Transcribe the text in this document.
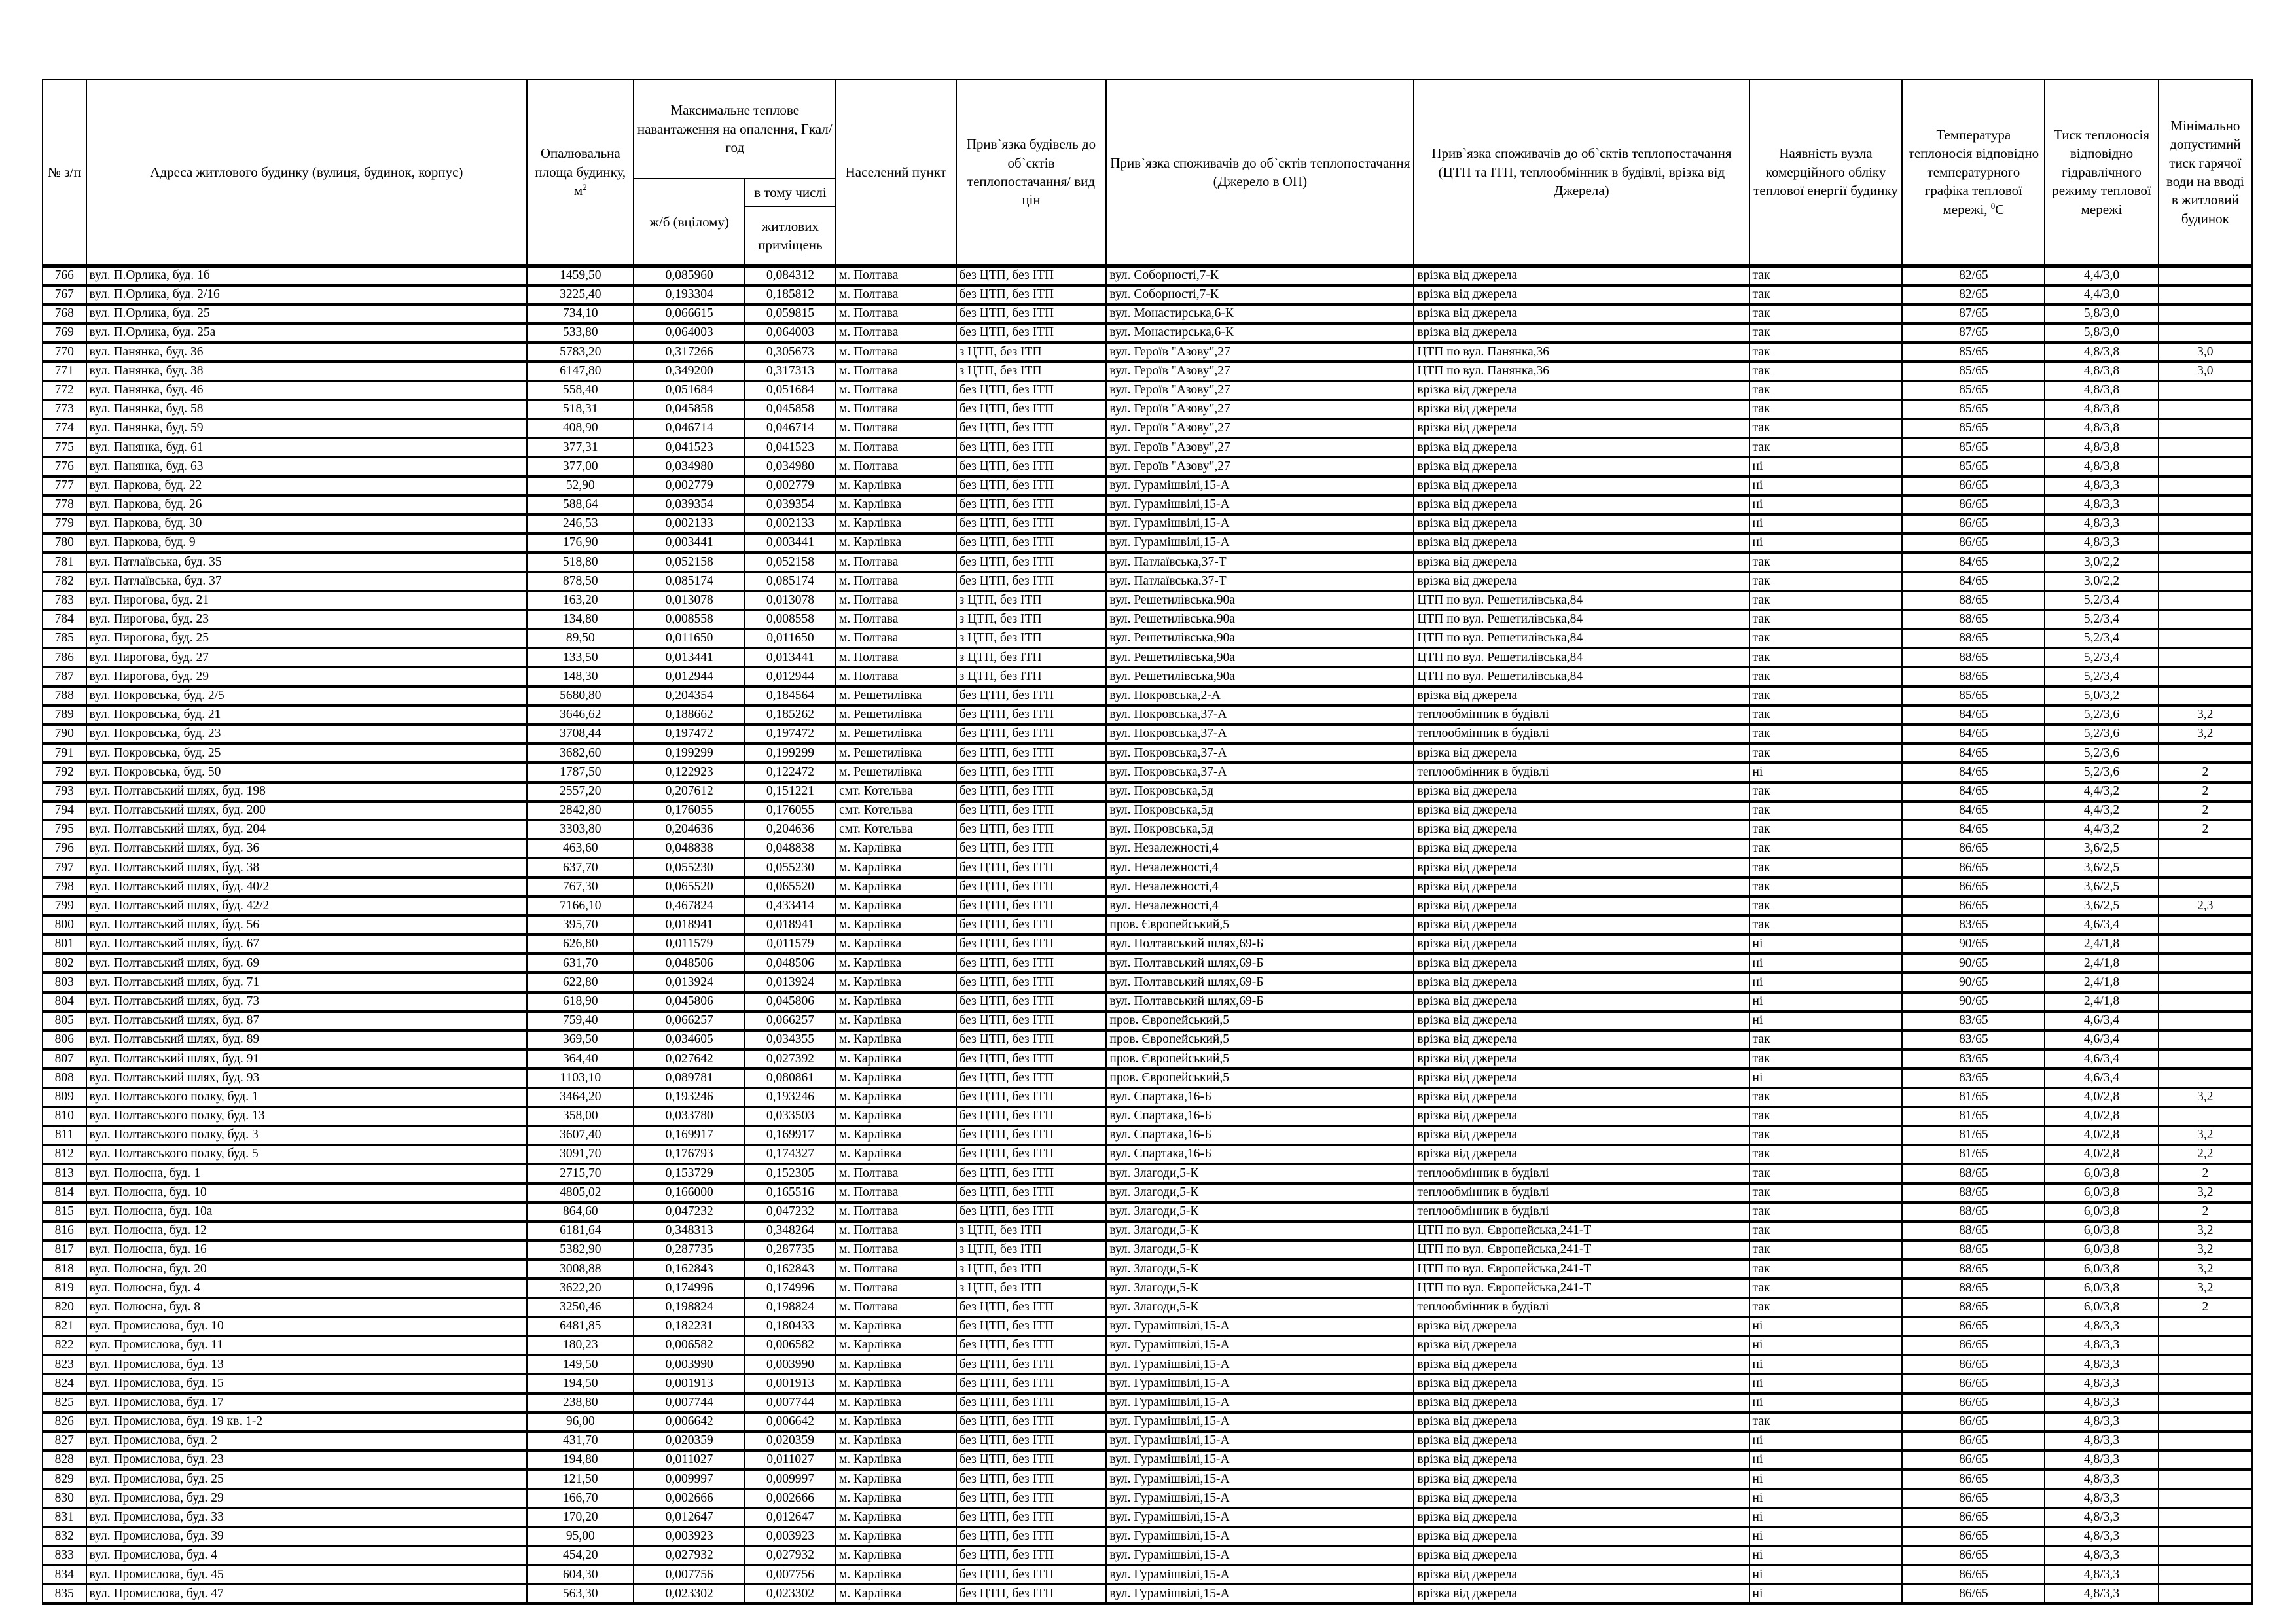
№ з/п	Адреса житлового будинку (вулиця, будинок, корпус)	Опалювальна площа будинку, $м^2$	Максимальне теплове навантаження на опалення, Гкал/год		Населений пункт	Прив`язка будівель до об`єктів теплопостачання/ вид цін	Прив`язка споживачів до об`єктів теплопостачання (Джерело в ОП)	Прив`язка споживачів до об`єктів теплопостачання (ЦТП та ІТП, теплообмінник в будівлі, врізка від Джерела)	Наявність вузла комерційного обліку теплової енергії будинку	Температура теплоносія відповідно температурного графіка теплової мережі, $^0$С	Тиск теплоносія відповідно гідравлічного режиму теплової мережі	Мінімально допустимий тиск гарячої води на вводі в житловий будинок
			ж/б (вцілому)	в тому числі								
				житлових приміщень								
766	вул. П.Орлика, буд. 1б	1459,50	0,085960	0,084312	м. Полтава	без ЦТП, без ІТП	вул. Соборності,7-К	врізка від джерела	так	82/65	4,4/3,0	
767	вул. П.Орлика, буд. 2/16	3225,40	0,193304	0,185812	м. Полтава	без ЦТП, без ІТП	вул. Соборності,7-К	врізка від джерела	так	82/65	4,4/3,0	
768	вул. П.Орлика, буд. 25	734,10	0,066615	0,059815	м. Полтава	без ЦТП, без ІТП	вул. Монастирська,6-К	врізка від джерела	так	87/65	5,8/3,0	
769	вул. П.Орлика, буд. 25а	533,80	0,064003	0,064003	м. Полтава	без ЦТП, без ІТП	вул. Монастирська,6-К	врізка від джерела	так	87/65	5,8/3,0	
770	вул. Панянка, буд. 36	5783,20	0,317266	0,305673	м. Полтава	з ЦТП, без ІТП	вул. Героїв "Азову",27	ЦТП по вул. Панянка,36	так	85/65	4,8/3,8	3,0
771	вул. Панянка, буд. 38	6147,80	0,349200	0,317313	м. Полтава	з ЦТП, без ІТП	вул. Героїв "Азову",27	ЦТП по вул. Панянка,36	так	85/65	4,8/3,8	3,0
772	вул. Панянка, буд. 46	558,40	0,051684	0,051684	м. Полтава	без ЦТП, без ІТП	вул. Героїв "Азову",27	врізка від джерела	так	85/65	4,8/3,8	
773	вул. Панянка, буд. 58	518,31	0,045858	0,045858	м. Полтава	без ЦТП, без ІТП	вул. Героїв "Азову",27	врізка від джерела	так	85/65	4,8/3,8	
774	вул. Панянка, буд. 59	408,90	0,046714	0,046714	м. Полтава	без ЦТП, без ІТП	вул. Героїв "Азову",27	врізка від джерела	так	85/65	4,8/3,8	
775	вул. Панянка, буд. 61	377,31	0,041523	0,041523	м. Полтава	без ЦТП, без ІТП	вул. Героїв "Азову",27	врізка від джерела	так	85/65	4,8/3,8	
776	вул. Панянка, буд. 63	377,00	0,034980	0,034980	м. Полтава	без ЦТП, без ІТП	вул. Героїв "Азову",27	врізка від джерела	ні	85/65	4,8/3,8	
777	вул. Паркова, буд. 22	52,90	0,002779	0,002779	м. Карлівка	без ЦТП, без ІТП	вул. Гурамішвілі,15-А	врізка від джерела	ні	86/65	4,8/3,3	
778	вул. Паркова, буд. 26	588,64	0,039354	0,039354	м. Карлівка	без ЦТП, без ІТП	вул. Гурамішвілі,15-А	врізка від джерела	ні	86/65	4,8/3,3	
779	вул. Паркова, буд. 30	246,53	0,002133	0,002133	м. Карлівка	без ЦТП, без ІТП	вул. Гурамішвілі,15-А	врізка від джерела	ні	86/65	4,8/3,3	
780	вул. Паркова, буд. 9	176,90	0,003441	0,003441	м. Карлівка	без ЦТП, без ІТП	вул. Гурамішвілі,15-А	врізка від джерела	ні	86/65	4,8/3,3	
781	вул. Патлаївська, буд. 35	518,80	0,052158	0,052158	м. Полтава	без ЦТП, без ІТП	вул. Патлаївська,37-Т	врізка від джерела	так	84/65	3,0/2,2	
782	вул. Патлаївська, буд. 37	878,50	0,085174	0,085174	м. Полтава	без ЦТП, без ІТП	вул. Патлаївська,37-Т	врізка від джерела	так	84/65	3,0/2,2	
783	вул. Пирогова, буд. 21	163,20	0,013078	0,013078	м. Полтава	з ЦТП, без ІТП	вул. Решетилівська,90а	ЦТП по вул. Решетилівська,84	так	88/65	5,2/3,4	
784	вул. Пирогова, буд. 23	134,80	0,008558	0,008558	м. Полтава	з ЦТП, без ІТП	вул. Решетилівська,90а	ЦТП по вул. Решетилівська,84	так	88/65	5,2/3,4	
785	вул. Пирогова, буд. 25	89,50	0,011650	0,011650	м. Полтава	з ЦТП, без ІТП	вул. Решетилівська,90а	ЦТП по вул. Решетилівська,84	так	88/65	5,2/3,4	
786	вул. Пирогова, буд. 27	133,50	0,013441	0,013441	м. Полтава	з ЦТП, без ІТП	вул. Решетилівська,90а	ЦТП по вул. Решетилівська,84	так	88/65	5,2/3,4	
787	вул. Пирогова, буд. 29	148,30	0,012944	0,012944	м. Полтава	з ЦТП, без ІТП	вул. Решетилівська,90а	ЦТП по вул. Решетилівська,84	так	88/65	5,2/3,4	
788	вул. Покровська, буд. 2/5	5680,80	0,204354	0,184564	м. Решетилівка	без ЦТП, без ІТП	вул. Покровська,2-А	врізка від джерела	так	85/65	5,0/3,2	
789	вул. Покровська, буд. 21	3646,62	0,188662	0,185262	м. Решетилівка	без ЦТП, без ІТП	вул. Покровська,37-А	теплообмінник в будівлі	так	84/65	5,2/3,6	3,2
790	вул. Покровська, буд. 23	3708,44	0,197472	0,197472	м. Решетилівка	без ЦТП, без ІТП	вул. Покровська,37-А	теплообмінник в будівлі	так	84/65	5,2/3,6	3,2
791	вул. Покровська, буд. 25	3682,60	0,199299	0,199299	м. Решетилівка	без ЦТП, без ІТП	вул. Покровська,37-А	врізка від джерела	так	84/65	5,2/3,6	
792	вул. Покровська, буд. 50	1787,50	0,122923	0,122472	м. Решетилівка	без ЦТП, без ІТП	вул. Покровська,37-А	теплообмінник в будівлі	ні	84/65	5,2/3,6	2
793	вул. Полтавський шлях, буд. 198	2557,20	0,207612	0,151221	смт. Котельва	без ЦТП, без ІТП	вул. Покровська,5д	врізка від джерела	так	84/65	4,4/3,2	2
794	вул. Полтавський шлях, буд. 200	2842,80	0,176055	0,176055	смт. Котельва	без ЦТП, без ІТП	вул. Покровська,5д	врізка від джерела	так	84/65	4,4/3,2	2
795	вул. Полтавський шлях, буд. 204	3303,80	0,204636	0,204636	смт. Котельва	без ЦТП, без ІТП	вул. Покровська,5д	врізка від джерела	так	84/65	4,4/3,2	2
796	вул. Полтавський шлях, буд. 36	463,60	0,048838	0,048838	м. Карлівка	без ЦТП, без ІТП	вул. Незалежності,4	врізка від джерела	так	86/65	3,6/2,5	
797	вул. Полтавський шлях, буд. 38	637,70	0,055230	0,055230	м. Карлівка	без ЦТП, без ІТП	вул. Незалежності,4	врізка від джерела	так	86/65	3,6/2,5	
798	вул. Полтавський шлях, буд. 40/2	767,30	0,065520	0,065520	м. Карлівка	без ЦТП, без ІТП	вул. Незалежності,4	врізка від джерела	так	86/65	3,6/2,5	
799	вул. Полтавський шлях, буд. 42/2	7166,10	0,467824	0,433414	м. Карлівка	без ЦТП, без ІТП	вул. Незалежності,4	врізка від джерела	так	86/65	3,6/2,5	2,3
800	вул. Полтавський шлях, буд. 56	395,70	0,018941	0,018941	м. Карлівка	без ЦТП, без ІТП	пров. Європейський,5	врізка від джерела	так	83/65	4,6/3,4	
801	вул. Полтавський шлях, буд. 67	626,80	0,011579	0,011579	м. Карлівка	без ЦТП, без ІТП	вул. Полтавський шлях,69-Б	врізка від джерела	ні	90/65	2,4/1,8	
802	вул. Полтавський шлях, буд. 69	631,70	0,048506	0,048506	м. Карлівка	без ЦТП, без ІТП	вул. Полтавський шлях,69-Б	врізка від джерела	ні	90/65	2,4/1,8	
803	вул. Полтавський шлях, буд. 71	622,80	0,013924	0,013924	м. Карлівка	без ЦТП, без ІТП	вул. Полтавський шлях,69-Б	врізка від джерела	ні	90/65	2,4/1,8	
804	вул. Полтавський шлях, буд. 73	618,90	0,045806	0,045806	м. Карлівка	без ЦТП, без ІТП	вул. Полтавський шлях,69-Б	врізка від джерела	ні	90/65	2,4/1,8	
805	вул. Полтавський шлях, буд. 87	759,40	0,066257	0,066257	м. Карлівка	без ЦТП, без ІТП	пров. Європейський,5	врізка від джерела	ні	83/65	4,6/3,4	
806	вул. Полтавський шлях, буд. 89	369,50	0,034605	0,034355	м. Карлівка	без ЦТП, без ІТП	пров. Європейський,5	врізка від джерела	так	83/65	4,6/3,4	
807	вул. Полтавський шлях, буд. 91	364,40	0,027642	0,027392	м. Карлівка	без ЦТП, без ІТП	пров. Європейський,5	врізка від джерела	так	83/65	4,6/3,4	
808	вул. Полтавський шлях, буд. 93	1103,10	0,089781	0,080861	м. Карлівка	без ЦТП, без ІТП	пров. Європейський,5	врізка від джерела	ні	83/65	4,6/3,4	
809	вул. Полтавського полку, буд. 1	3464,20	0,193246	0,193246	м. Карлівка	без ЦТП, без ІТП	вул. Спартака,16-Б	врізка від джерела	так	81/65	4,0/2,8	3,2
810	вул. Полтавського полку, буд. 13	358,00	0,033780	0,033503	м. Карлівка	без ЦТП, без ІТП	вул. Спартака,16-Б	врізка від джерела	так	81/65	4,0/2,8	
811	вул. Полтавського полку, буд. 3	3607,40	0,169917	0,169917	м. Карлівка	без ЦТП, без ІТП	вул. Спартака,16-Б	врізка від джерела	так	81/65	4,0/2,8	3,2
812	вул. Полтавського полку, буд. 5	3091,70	0,176793	0,174327	м. Карлівка	без ЦТП, без ІТП	вул. Спартака,16-Б	врізка від джерела	так	81/65	4,0/2,8	2,2
813	вул. Полюсна, буд. 1	2715,70	0,153729	0,152305	м. Полтава	без ЦТП, без ІТП	вул. Злагоди,5-К	теплообмінник в будівлі	так	88/65	6,0/3,8	2
814	вул. Полюсна, буд. 10	4805,02	0,166000	0,165516	м. Полтава	без ЦТП, без ІТП	вул. Злагоди,5-К	теплообмінник в будівлі	так	88/65	6,0/3,8	3,2
815	вул. Полюсна, буд. 10а	864,60	0,047232	0,047232	м. Полтава	без ЦТП, без ІТП	вул. Злагоди,5-К	теплообмінник в будівлі	так	88/65	6,0/3,8	2
816	вул. Полюсна, буд. 12	6181,64	0,348313	0,348264	м. Полтава	з ЦТП, без ІТП	вул. Злагоди,5-К	ЦТП по вул. Європейська,241-Т	так	88/65	6,0/3,8	3,2
817	вул. Полюсна, буд. 16	5382,90	0,287735	0,287735	м. Полтава	з ЦТП, без ІТП	вул. Злагоди,5-К	ЦТП по вул. Європейська,241-Т	так	88/65	6,0/3,8	3,2
818	вул. Полюсна, буд. 20	3008,88	0,162843	0,162843	м. Полтава	з ЦТП, без ІТП	вул. Злагоди,5-К	ЦТП по вул. Європейська,241-Т	так	88/65	6,0/3,8	3,2
819	вул. Полюсна, буд. 4	3622,20	0,174996	0,174996	м. Полтава	з ЦТП, без ІТП	вул. Злагоди,5-К	ЦТП по вул. Європейська,241-Т	так	88/65	6,0/3,8	3,2
820	вул. Полюсна, буд. 8	3250,46	0,198824	0,198824	м. Полтава	без ЦТП, без ІТП	вул. Злагоди,5-К	теплообмінник в будівлі	так	88/65	6,0/3,8	2
821	вул. Промислова, буд. 10	6481,85	0,182231	0,180433	м. Карлівка	без ЦТП, без ІТП	вул. Гурамішвілі,15-А	врізка від джерела	ні	86/65	4,8/3,3	
822	вул. Промислова, буд. 11	180,23	0,006582	0,006582	м. Карлівка	без ЦТП, без ІТП	вул. Гурамішвілі,15-А	врізка від джерела	ні	86/65	4,8/3,3	
823	вул. Промислова, буд. 13	149,50	0,003990	0,003990	м. Карлівка	без ЦТП, без ІТП	вул. Гурамішвілі,15-А	врізка від джерела	ні	86/65	4,8/3,3	
824	вул. Промислова, буд. 15	194,50	0,001913	0,001913	м. Карлівка	без ЦТП, без ІТП	вул. Гурамішвілі,15-А	врізка від джерела	ні	86/65	4,8/3,3	
825	вул. Промислова, буд. 17	238,80	0,007744	0,007744	м. Карлівка	без ЦТП, без ІТП	вул. Гурамішвілі,15-А	врізка від джерела	ні	86/65	4,8/3,3	
826	вул. Промислова, буд. 19 кв. 1-2	96,00	0,006642	0,006642	м. Карлівка	без ЦТП, без ІТП	вул. Гурамішвілі,15-А	врізка від джерела	так	86/65	4,8/3,3	
827	вул. Промислова, буд. 2	431,70	0,020359	0,020359	м. Карлівка	без ЦТП, без ІТП	вул. Гурамішвілі,15-А	врізка від джерела	ні	86/65	4,8/3,3	
828	вул. Промислова, буд. 23	194,80	0,011027	0,011027	м. Карлівка	без ЦТП, без ІТП	вул. Гурамішвілі,15-А	врізка від джерела	ні	86/65	4,8/3,3	
829	вул. Промислова, буд. 25	121,50	0,009997	0,009997	м. Карлівка	без ЦТП, без ІТП	вул. Гурамішвілі,15-А	врізка від джерела	ні	86/65	4,8/3,3	
830	вул. Промислова, буд. 29	166,70	0,002666	0,002666	м. Карлівка	без ЦТП, без ІТП	вул. Гурамішвілі,15-А	врізка від джерела	ні	86/65	4,8/3,3	
831	вул. Промислова, буд. 33	170,20	0,012647	0,012647	м. Карлівка	без ЦТП, без ІТП	вул. Гурамішвілі,15-А	врізка від джерела	ні	86/65	4,8/3,3	
832	вул. Промислова, буд. 39	95,00	0,003923	0,003923	м. Карлівка	без ЦТП, без ІТП	вул. Гурамішвілі,15-А	врізка від джерела	ні	86/65	4,8/3,3	
833	вул. Промислова, буд. 4	454,20	0,027932	0,027932	м. Карлівка	без ЦТП, без ІТП	вул. Гурамішвілі,15-А	врізка від джерела	ні	86/65	4,8/3,3	
834	вул. Промислова, буд. 45	604,30	0,007756	0,007756	м. Карлівка	без ЦТП, без ІТП	вул. Гурамішвілі,15-А	врізка від джерела	ні	86/65	4,8/3,3	
835	вул. Промислова, буд. 47	563,30	0,023302	0,023302	м. Карлівка	без ЦТП, без ІТП	вул. Гурамішвілі,15-А	врізка від джерела	ні	86/65	4,8/3,3	
